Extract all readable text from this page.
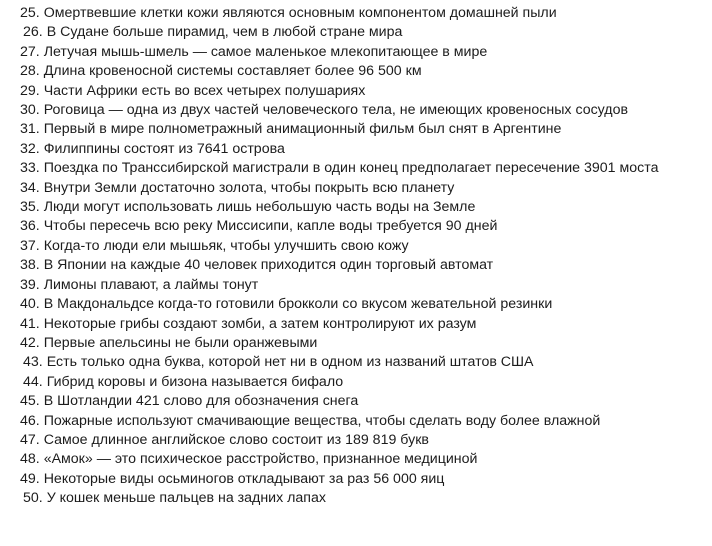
25. Омертвевшие клетки кожи являются основным компонентом домашней пыли

26. В Судане больше пирамид, чем в любой стране мира

27. Летучая мышь-шмель — самое маленькое млекопитающее в мире

28. Длина кровеносной системы составляет более 96 500 км

29. Части Африки есть во всех четырех полушариях

30. Роговица — одна из двух частей человеческого тела, не имеющих кровеносных сосудов

31. Первый в мире полнометражный анимационный фильм был снят в Аргентине

32. Филиппины состоят из 7641 острова

33. Поездка по Транссибирской магистрали в один конец предполагает пересечение 3901 моста

34. Внутри Земли достаточно золота, чтобы покрыть всю планету

35. Люди могут использовать лишь небольшую часть воды на Земле

36. Чтобы пересечь всю реку Миссисипи, капле воды требуется 90 дней

37. Когда-то люди ели мышьяк, чтобы улучшить свою кожу

38. В Японии на каждые 40 человек приходится один торговый автомат

39. Лимоны плавают, а лаймы тонут

40. В Макдональдсе когда-то готовили брокколи со вкусом жевательной резинки

41. Некоторые грибы создают зомби, а затем контролируют их разум

42. Первые апельсины не были оранжевыми

43. Есть только одна буква, которой нет ни в одном из названий штатов США

44. Гибрид коровы и бизона называется бифало

45. В Шотландии 421 слово для обозначения снега

46. Пожарные используют смачивающие вещества, чтобы сделать воду более влажной

47. Самое длинное английское слово состоит из 189 819 букв

48. «Амок» — это психическое расстройство, признанное медициной

49. Некоторые виды осьминогов откладывают за раз 56 000 яиц

50. У кошек меньше пальцев на задних лапах
